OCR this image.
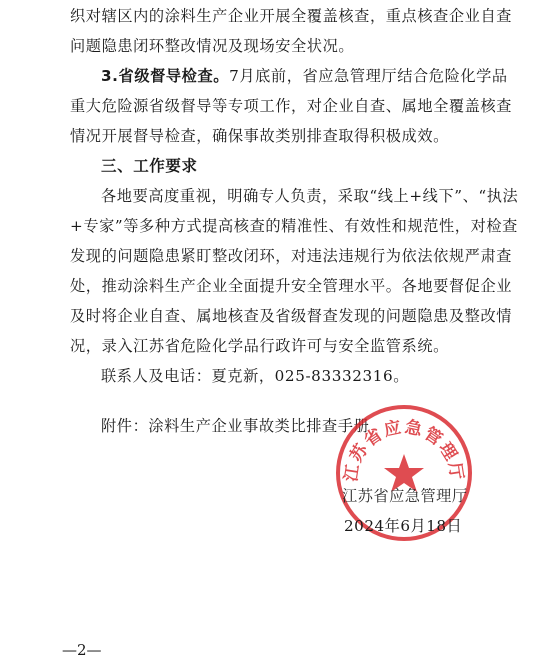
织对辖区内的涂料生产企业开展全覆盖核查，重点核查企业自查
问题隐患闭环整改情况及现场安全状况。
3.省级督导检查。7月底前，省应急管理厅结合危险化学品
重大危险源省级督导等专项工作，对企业自查、属地全覆盖核查
情况开展督导检查，确保事故类别排查取得积极成效。
三、工作要求
各地要高度重视，明确专人负责，采取“线上+线下”、“执法
+专家”等多种方式提高核查的精准性、有效性和规范性，对检查
发现的问题隐患紧盯整改闭环，对违法违规行为依法依规严肃查
处，推动涂料生产企业全面提升安全管理水平。各地要督促企业
及时将企业自查、属地核查及省级督查发现的问题隐患及整改情
况，录入江苏省危险化学品行政许可与安全监管系统。
联系人及电话：夏克新，025-83332316。
附件：涂料生产企业事故类比排查手册
江苏省应急管理厅
江苏省应急管理厅
2024年6月18日
—2—
